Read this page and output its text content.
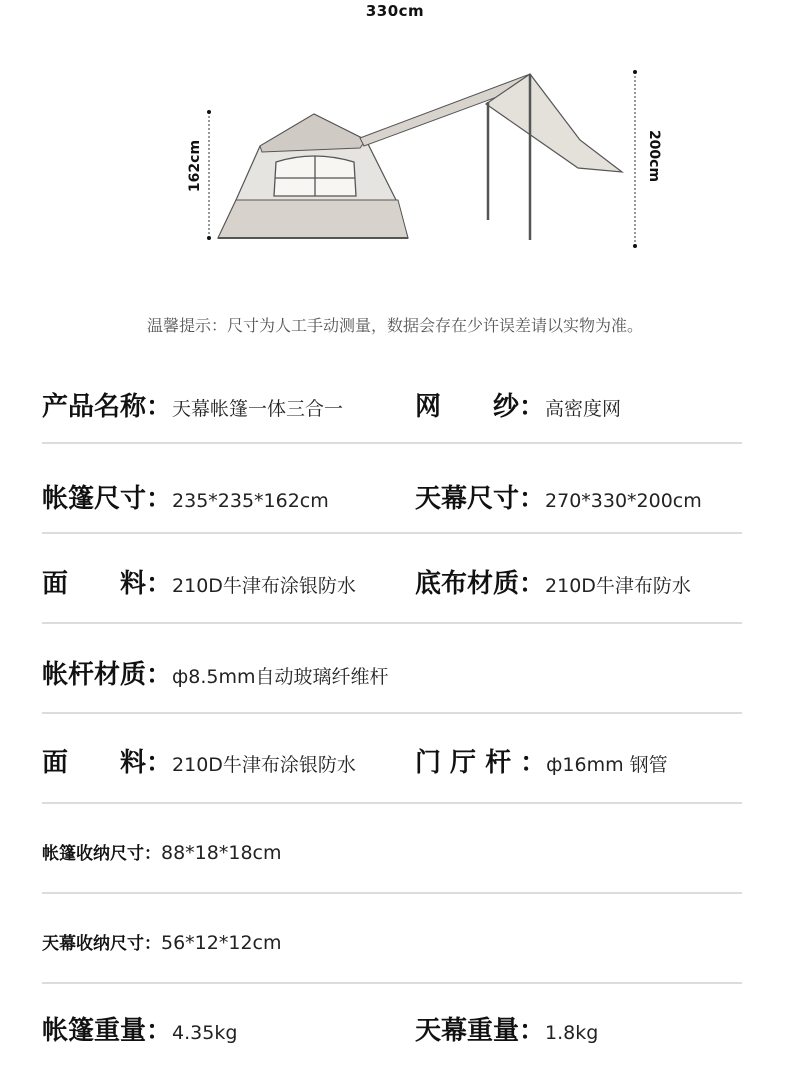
330cm
162cm	200cm
温馨提示：尺寸为人工手动测量，数据会存在少许误差请以实物为准。
产品名称： 天幕帐篷一体三合一	网　　纱： 高密度网
帐篷尺寸： 235*235*162cm	天幕尺寸： 270*330*200cm
面　　料： 210D牛津布涂银防水 底布材质： 210D牛津布防水
帐杆材质： ф8.5mm自动玻璃纤维杆
面　　料： 210D牛津布涂银防水 门 厅 杆 ： ф16mm 钢管
帐篷收纳尺寸： 88*18*18cm
天幕收纳尺寸： 56*12*12cm
帐篷重量： 4.35kg	天幕重量： 1.8kg
